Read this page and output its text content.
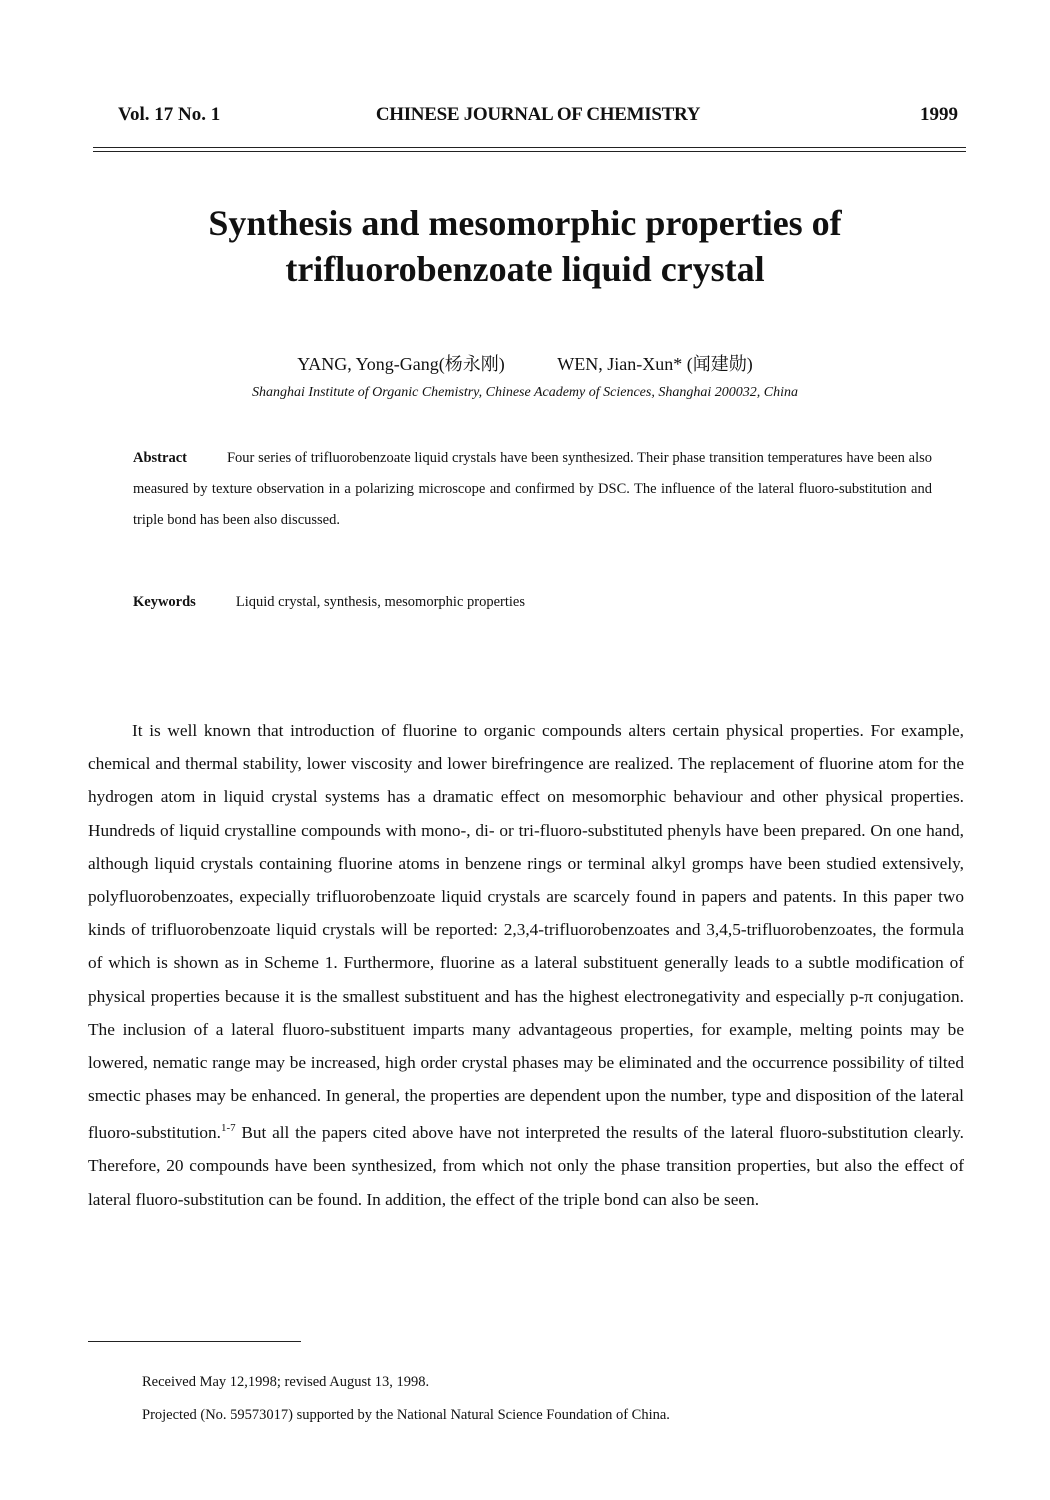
Vol. 17 No. 1	CHINESE JOURNAL OF CHEMISTRY	1999
Synthesis and mesomorphic properties of
trifluorobenzoate liquid crystal
YANG, Yong-Gang(杨永刚)	WEN, Jian-Xun* (闻建勋)
Shanghai Institute of Organic Chemistry, Chinese Academy of Sciences, Shanghai 200032, China
Abstract	Four series of trifluorobenzoate liquid crystals have been synthesized. Their phase transition temperatures have been also measured by texture observation in a polarizing microscope and confirmed by DSC. The influence of the lateral fluoro-substitution and triple bond has been also discussed.
Keywords	Liquid crystal, synthesis, mesomorphic properties

It is well known that introduction of fluorine to organic compounds alters certain physical properties. For example, chemical and thermal stability, lower viscosity and lower birefringence are realized. The replacement of fluorine atom for the hydrogen atom in liquid crystal systems has a dramatic effect on mesomorphic behaviour and other physical properties. Hundreds of liquid crystalline compounds with mono-, di- or tri-fluoro-substituted phenyls have been prepared. On one hand, although liquid crystals containing fluorine atoms in benzene rings or terminal alkyl gromps have been studied extensively, polyfluorobenzoates, expecially trifluorobenzoate liquid crystals are scarcely found in papers and patents. In this paper two kinds of trifluorobenzoate liquid crystals will be reported: 2,3,4-trifluorobenzoates and 3,4,5-trifluorobenzoates, the formula of which is shown as in Scheme 1. Furthermore, fluorine as a lateral substituent generally leads to a subtle modification of physical properties because it is the smallest substituent and has the highest electronegativity and especially p-π conjugation. The inclusion of a lateral fluoro-substituent imparts many advantageous properties, for example, melting points may be lowered, nematic range may be increased, high order crystal phases may be eliminated and the occurrence possibility of tilted smectic phases may be enhanced. In general, the properties are dependent upon the number, type and disposition of the lateral fluoro-substitution.$^{1-7}$ But all the papers cited above have not interpreted the results of the lateral fluoro-substitution clearly. Therefore, 20 compounds have been synthesized, from which not only the phase transition properties, but also the effect of lateral fluoro-substitution can be found. In addition, the effect of the triple bond can also be seen.

Received May 12,1998; revised August 13, 1998.
Projected (No. 59573017) supported by the National Natural Science Foundation of China.
